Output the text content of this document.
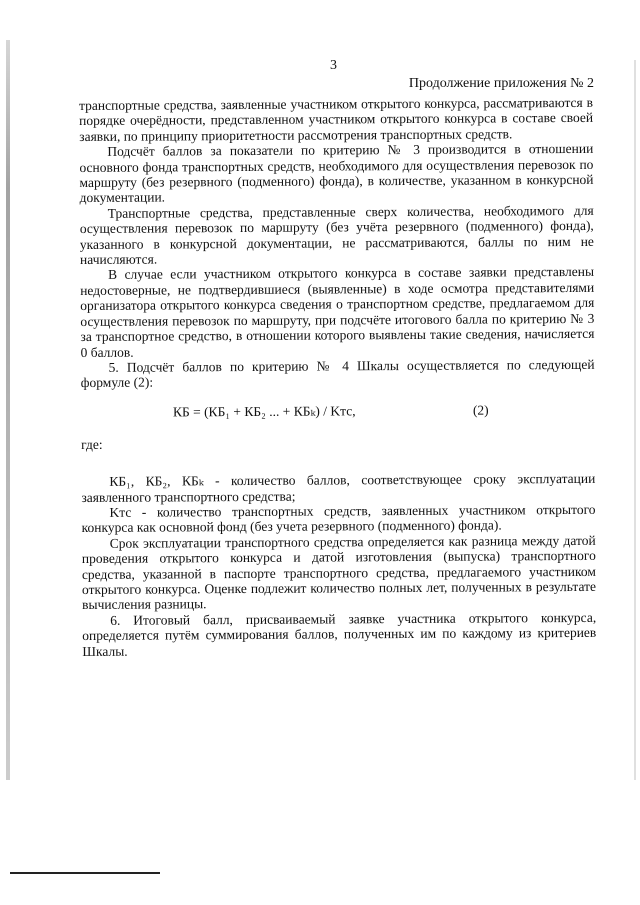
3
Продолжение приложения № 2

транспортные средства, заявленные участником открытого конкурса, рассматриваются в порядке очерёдности, представленном участником открытого конкурса в составе своей заявки, по принципу приоритетности рассмотрения транспортных средств.

Подсчёт баллов за показатели по критерию № 3 производится в отношении основного фонда транспортных средств, необходимого для осуществления перевозок по маршруту (без резервного (подменного) фонда), в количестве, указанном в конкурсной документации.

Транспортные средства, представленные сверх количества, необходимого для осуществления перевозок по маршруту (без учёта резервного (подменного) фонда), указанного в конкурсной документации, не рассматриваются, баллы по ним не начисляются.

В случае если участником открытого конкурса в составе заявки представлены недостоверные, не подтвердившиеся (выявленные) в ходе осмотра представителями организатора открытого конкурса сведения о транспортном средстве, предлагаемом для осуществления перевозок по маршруту, при подсчёте итогового балла по критерию № 3 за транспортное средство, в отношении которого выявлены такие сведения, начисляется 0 баллов.

5. Подсчёт баллов по критерию № 4 Шкалы осуществляется по следующей формуле (2):

КБ = (КБ₁ + КБ₂ ... + КБₖ) / Kтс,	(2)

где:

КБ₁, КБ₂, КБₖ - количество баллов, соответствующее сроку эксплуатации заявленного транспортного средства;

Kтс - количество транспортных средств, заявленных участником открытого конкурса как основной фонд (без учета резервного (подменного) фонда).

Срок эксплуатации транспортного средства определяется как разница между датой проведения открытого конкурса и датой изготовления (выпуска) транспортного средства, указанной в паспорте транспортного средства, предлагаемого участником открытого конкурса. Оценке подлежит количество полных лет, полученных в результате вычисления разницы.

6. Итоговый балл, присваиваемый заявке участника открытого конкурса, определяется путём суммирования баллов, полученных им по каждому из критериев Шкалы.
